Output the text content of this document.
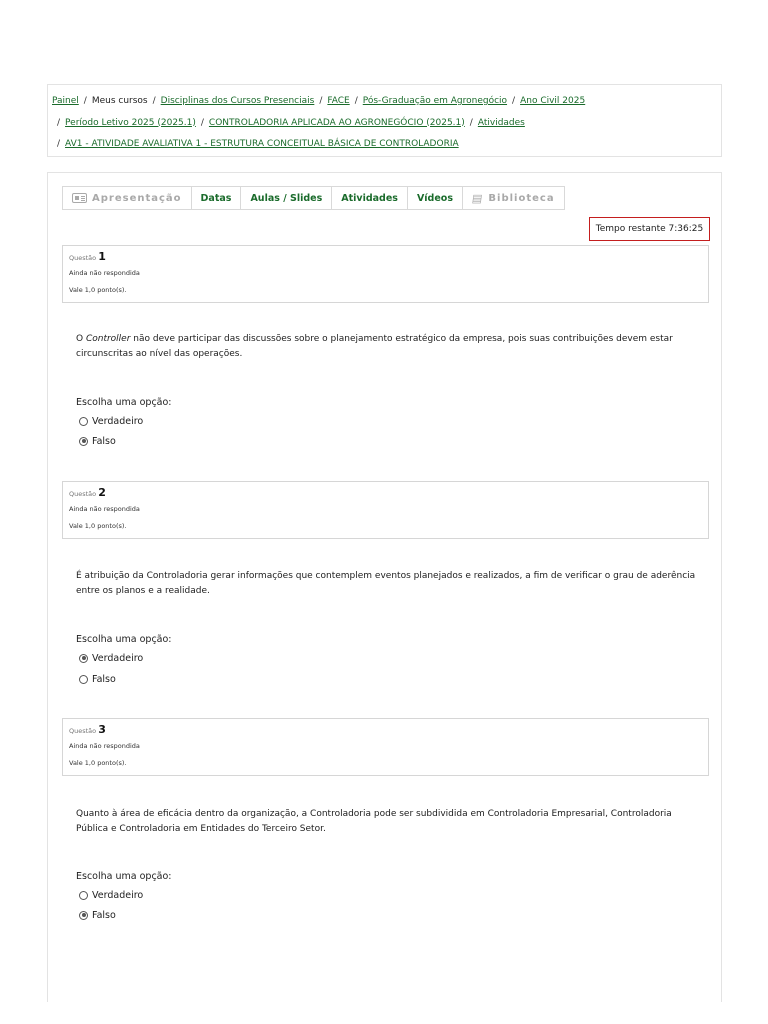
Painel / Meus cursos / Disciplinas dos Cursos Presenciais / FACE / Pós-Graduação em Agronegócio / Ano Civil 2025
/ Período Letivo 2025 (2025.1) / CONTROLADORIA APLICADA AO AGRONEGÓCIO (2025.1) / Atividades
/ AV1 - ATIVIDADE AVALIATIVA 1 - ESTRUTURA CONCEITUAL BÁSICA DE CONTROLADORIA
Apresentação Datas Aulas / Slides Atividades Vídeos ▤ Biblioteca
Tempo restante 7:36:25
Questão 1
Ainda não respondida
Vale 1,0 ponto(s).
O Controller não deve participar das discussões sobre o planejamento estratégico da empresa, pois suas contribuições devem estar circunscritas ao nível das operações.
Escolha uma opção:
Verdadeiro
Falso
Questão 2
Ainda não respondida
Vale 1,0 ponto(s).
É atribuição da Controladoria gerar informações que contemplem eventos planejados e realizados, a fim de verificar o grau de aderência entre os planos e a realidade.
Escolha uma opção:
Verdadeiro
Falso
Questão 3
Ainda não respondida
Vale 1,0 ponto(s).
Quanto à área de eficácia dentro da organização, a Controladoria pode ser subdividida em Controladoria Empresarial, Controladoria Pública e Controladoria em Entidades do Terceiro Setor.
Escolha uma opção:
Verdadeiro
Falso
